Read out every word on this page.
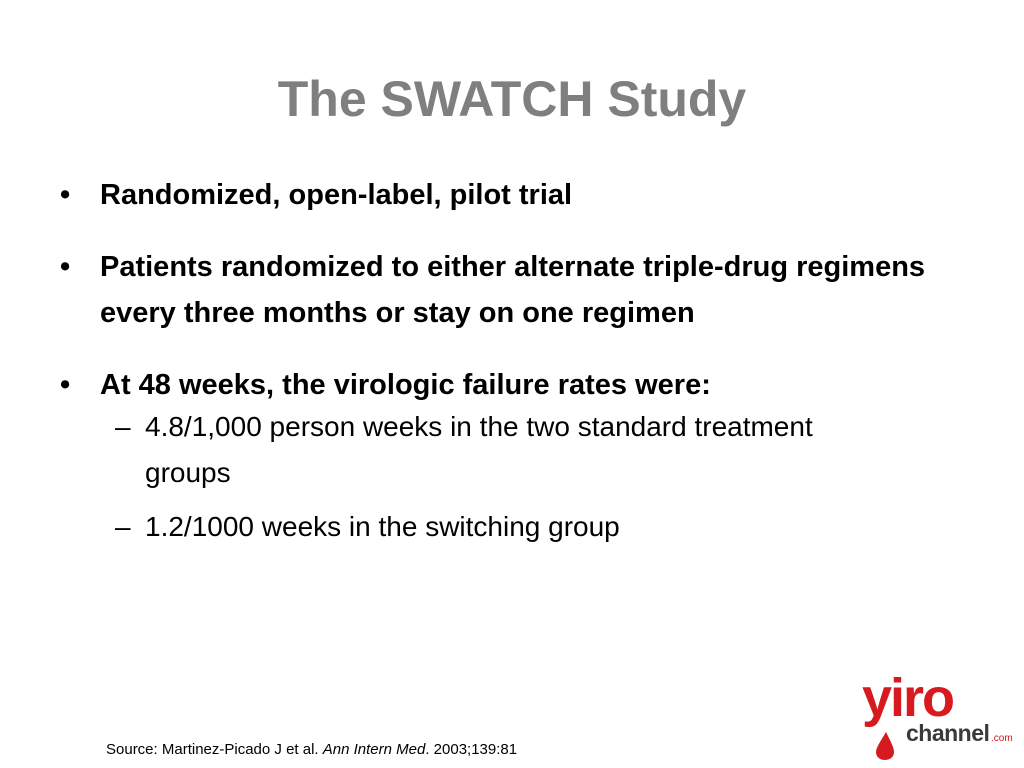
The SWATCH Study
•	Randomized, open-label, pilot trial
•	Patients randomized to either alternate triple-drug regimens every three months or stay on one regimen
•	At 48 weeks, the virologic failure rates were:
– 4.8/1,000 person weeks in the two standard treatment groups
– 1.2/1000 weeks in the switching group
Source: Martinez-Picado J et al. Ann Intern Med. 2003;139:81
yiro
channel .com
